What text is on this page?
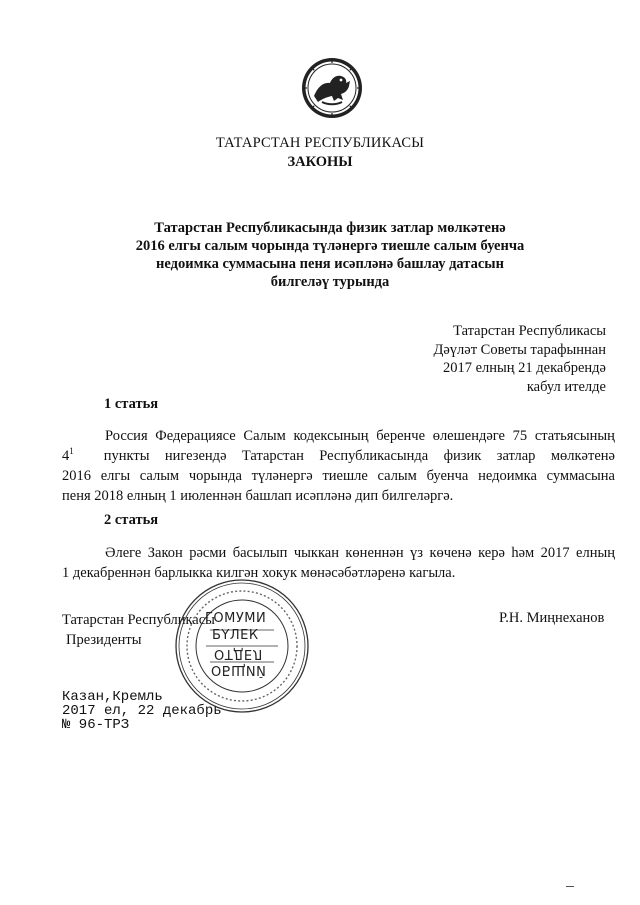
ТАТАРСТАН РЕСПУБЛИКАСЫ
ЗАКОНЫ
Татарстан Республикасында физик затлар мөлкәтенә
2016 елгы салым чорында түләнергә тиешле салым буенча
недоимка суммасына пеня исәпләнә башлау датасын
билгеләү турында
Татарстан Республикасы
Дәүләт Советы тарафыннан
2017 елның 21 декабрендә
кабул ителде
1 статья
Россия Федерациясе Салым кодексының беренче өлешендәге 75 статьясының
$4^1$ пункты нигезендә Татарстан Республикасында физик затлар мөлкәтенә
2016 елгы салым чорында түләнергә тиешле салым буенча недоимка суммасына
пеня 2018 елның 1 июленнән башлап исәпләнә дип билгеләргә.
2 статья
Әлеге Закон рәсми басылып чыккан көненнән үз көченә керә һәм 2017 елның
1 декабреннән барлыкка килгән хокук мөнәсәбәтләренә кагыла.
Татарстан Республикасы
Президенты
Р.Н. Миңнеханов
ГОМУМИ
БҮЛЕК
ОТДЕЛ
ОБЩИЙ
Казан,Кремль
2017 ел, 22 декабрь
№ 96-ТРЗ
